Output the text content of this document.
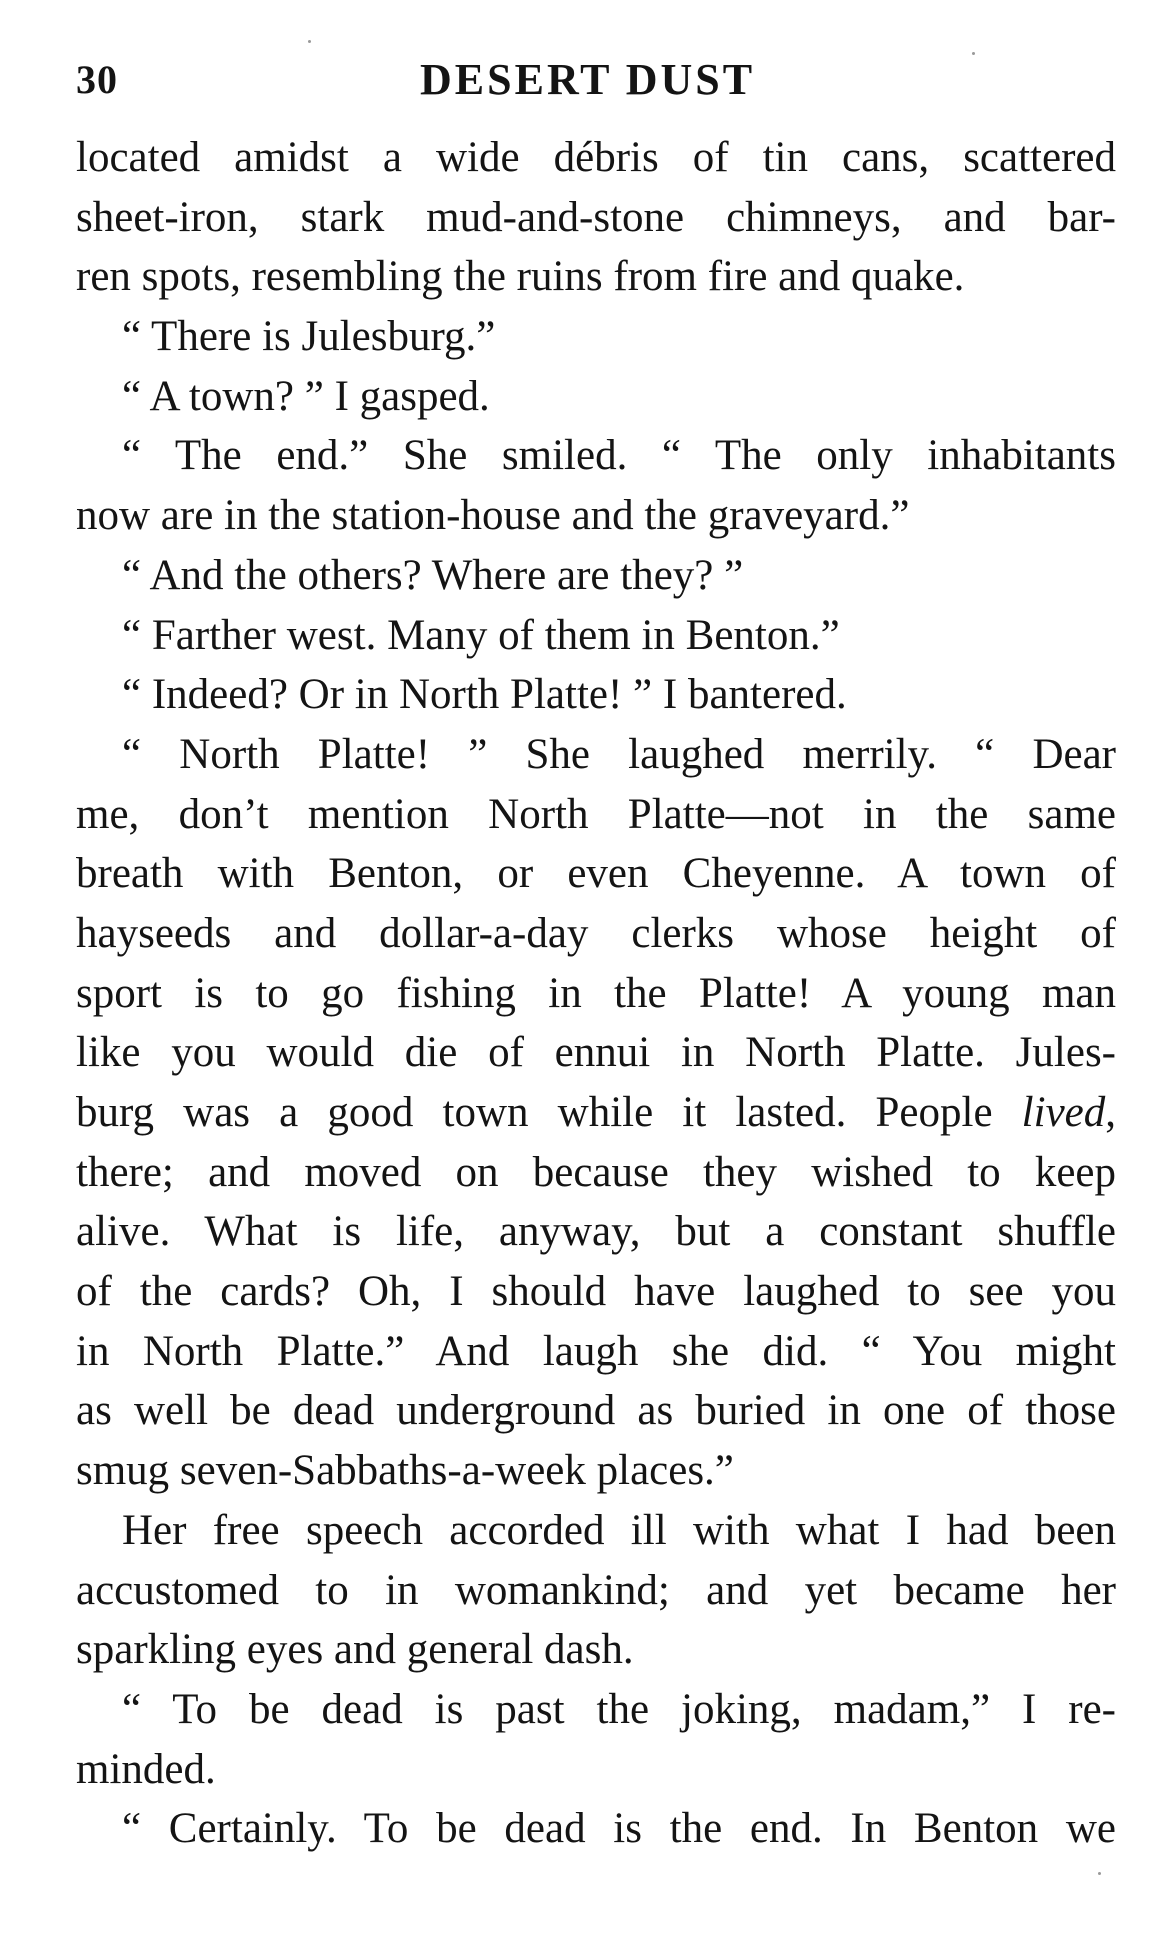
30	DESERT DUST
located amidst a wide débris of tin cans, scattered
sheet-iron, stark mud-and-stone chimneys, and bar-
ren spots, resembling the ruins from fire and quake.
“ There is Julesburg.”
“ A town? ” I gasped.
“ The end.” She smiled. “ The only inhabitants
now are in the station-house and the graveyard.”
“ And the others? Where are they? ”
“ Farther west. Many of them in Benton.”
“ Indeed? Or in North Platte! ” I bantered.
“ North Platte! ” She laughed merrily. “ Dear
me, don’t mention North Platte—not in the same
breath with Benton, or even Cheyenne. A town of
hayseeds and dollar-a-day clerks whose height of
sport is to go fishing in the Platte! A young man
like you would die of ennui in North Platte. Jules-
burg was a good town while it lasted. People lived,
there; and moved on because they wished to keep
alive. What is life, anyway, but a constant shuffle
of the cards? Oh, I should have laughed to see you
in North Platte.” And laugh she did. “ You might
as well be dead underground as buried in one of those
smug seven-Sabbaths-a-week places.”
Her free speech accorded ill with what I had been
accustomed to in womankind; and yet became her
sparkling eyes and general dash.
“ To be dead is past the joking, madam,” I re-
minded.
“ Certainly. To be dead is the end. In Benton we
